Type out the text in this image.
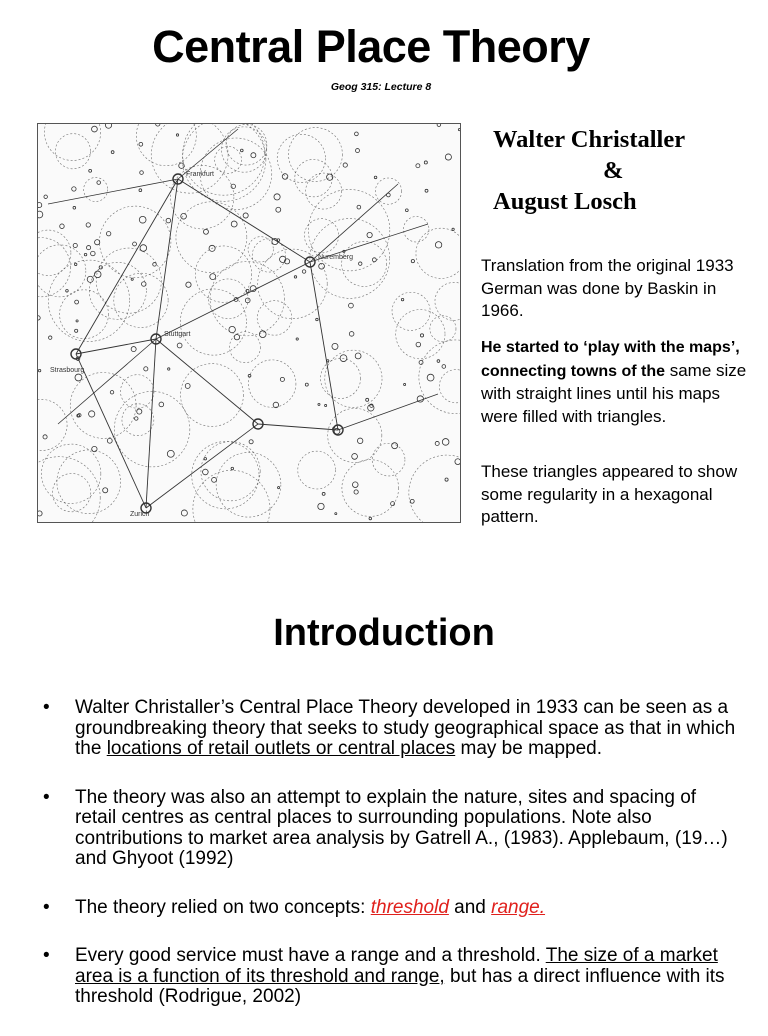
Central Place Theory
Geog 315: Lecture 8
Frankfurt
Nuremberg
Stuttgart
Strasbourg
Zurich
Walter Christaller
&
August Losch

Translation from the original 1933 German was done by Baskin in 1966.

He started to ‘play with the maps’, connecting towns of the same size with straight lines until his maps were filled with triangles.

These triangles appeared to show some regularity in a hexagonal pattern.

Introduction
• Walter Christaller’s Central Place Theory developed in 1933 can be seen as a groundbreaking theory that seeks to study geographical space as that in which the locations of retail outlets or central places may be mapped.
• The theory was also an attempt to explain the nature, sites and spacing of retail centres as central places to surrounding populations. Note also contributions to market area analysis by Gatrell A., (1983). Applebaum, (19…) and Ghyoot (1992)
• The theory relied on two concepts: threshold and range.
• Every good service must have a range and a threshold. The size of a market area is a function of its threshold and range, but has a direct influence with its threshold (Rodrigue, 2002)
